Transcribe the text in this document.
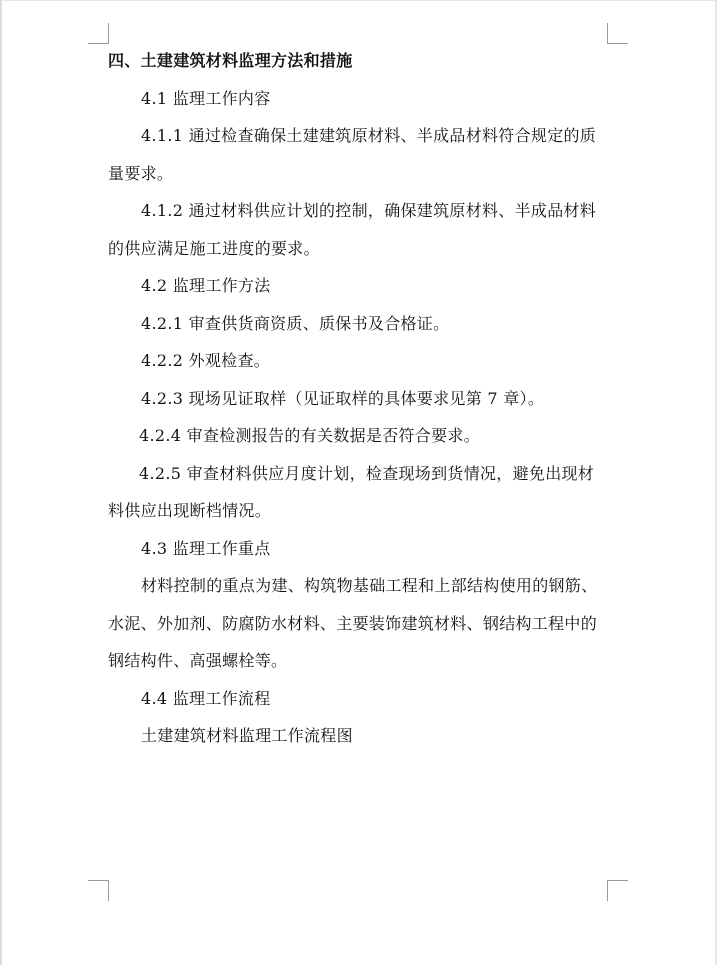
四、土建建筑材料监理方法和措施
4.1 监理工作内容
4.1.1 通过检查确保土建建筑原材料、半成品材料符合规定的质
量要求。
4.1.2 通过材料供应计划的控制，确保建筑原材料、半成品材料
的供应满足施工进度的要求。
4.2 监理工作方法
4.2.1 审查供货商资质、质保书及合格证。
4.2.2 外观检查。
4.2.3 现场见证取样（见证取样的具体要求见第 7 章）。
4.2.4 审查检测报告的有关数据是否符合要求。
4.2.5 审查材料供应月度计划，检查现场到货情况，避免出现材
料供应出现断档情况。
4.3 监理工作重点
材料控制的重点为建、构筑物基础工程和上部结构使用的钢筋、
水泥、外加剂、防腐防水材料、主要装饰建筑材料、钢结构工程中的
钢结构件、高强螺栓等。
4.4 监理工作流程
土建建筑材料监理工作流程图
